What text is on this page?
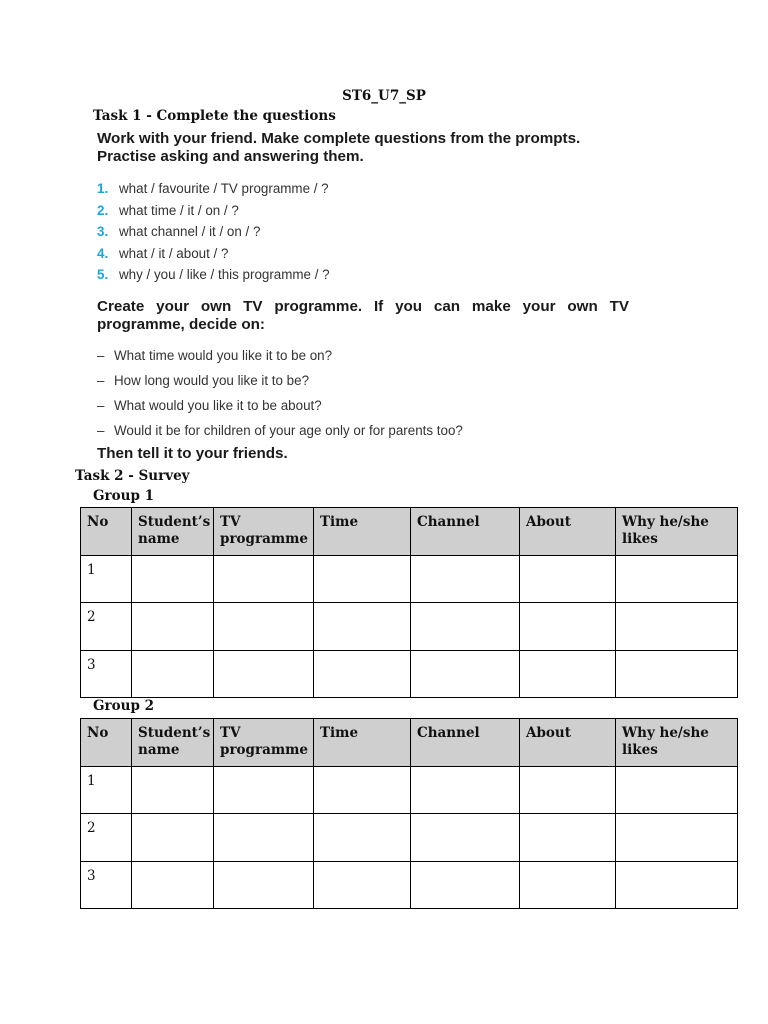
ST6_U7_SP
Task 1 - Complete the questions
Work with your friend. Make complete questions from the prompts. Practise asking and answering them.
1. what / favourite / TV programme / ?
2. what time / it / on / ?
3. what channel / it / on / ?
4. what / it / about / ?
5. why / you / like / this programme / ?
Create your own TV programme. If you can make your own TV programme, decide on:
– What time would you like it to be on?
– How long would you like it to be?
– What would you like it to be about?
– Would it be for children of your age only or for parents too?
Then tell it to your friends.
Task 2 - Survey
Group 1
No	Student’s name	TV programme	Time	Channel	About	Why he/she likes
1						
2						
3						
Group 2
No	Student’s name	TV programme	Time	Channel	About	Why he/she likes
1						
2						
3						
